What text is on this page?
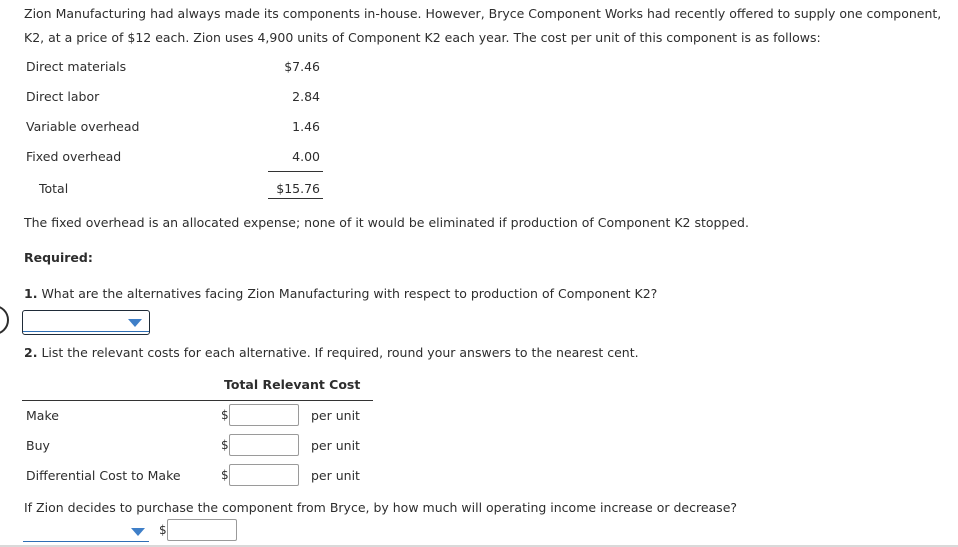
Zion Manufacturing had always made its components in-house. However, Bryce Component Works had recently offered to supply one component, K2, at a price of $12 each. Zion uses 4,900 units of Component K2 each year. The cost per unit of this component is as follows:
Direct materials	$7.46
Direct labor	2.84
Variable overhead	1.46
Fixed overhead	4.00
Total	$15.76
The fixed overhead is an allocated expense; none of it would be eliminated if production of Component K2 stopped.
Required:
1. What are the alternatives facing Zion Manufacturing with respect to production of Component K2?
2. List the relevant costs for each alternative. If required, round your answers to the nearest cent.
Total Relevant Cost
Make	$	per unit
Buy	$	per unit
Differential Cost to Make	$	per unit
If Zion decides to purchase the component from Bryce, by how much will operating income increase or decrease?
$
